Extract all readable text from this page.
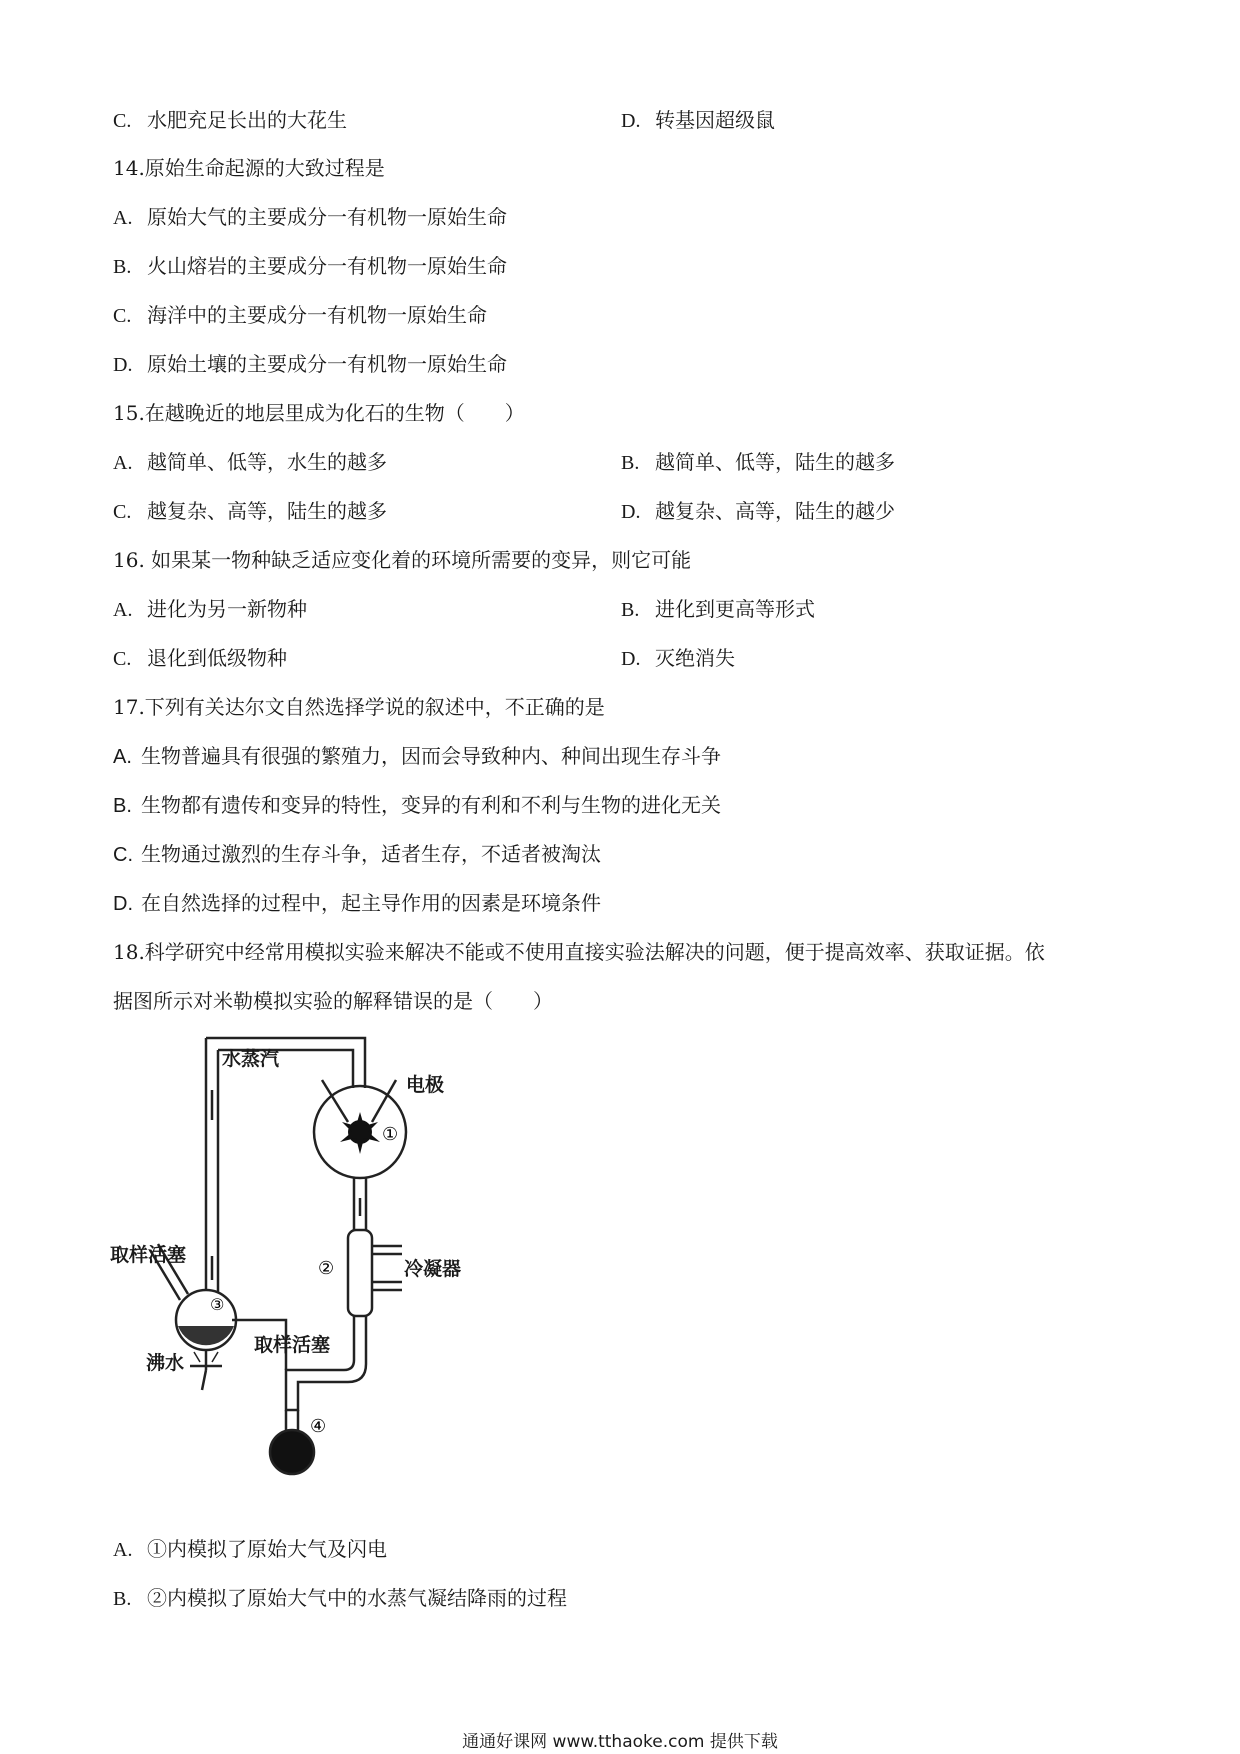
C. 水肥充足长出的大花生	D. 转基因超级鼠
14.原始生命起源的大致过程是
A. 原始大气的主要成分一有机物一原始生命
B. 火山熔岩的主要成分一有机物一原始生命
C. 海洋中的主要成分一有机物一原始生命
D. 原始土壤的主要成分一有机物一原始生命
15.在越晚近的地层里成为化石的生物（　　）
A. 越简单、低等，水生的越多	B. 越简单、低等，陆生的越多
C. 越复杂、高等，陆生的越多	D. 越复杂、高等，陆生的越少
16. 如果某一物种缺乏适应变化着的环境所需要的变异，则它可能
A. 进化为另一新物种	B. 进化到更高等形式
C. 退化到低级物种	D. 灭绝消失
17.下列有关达尔文自然选择学说的叙述中，不正确的是
A. 生物普遍具有很强的繁殖力，因而会导致种内、种间出现生存斗争
B. 生物都有遗传和变异的特性，变异的有利和不利与生物的进化无关
C. 生物通过激烈的生存斗争，适者生存，不适者被淘汰
D. 在自然选择的过程中，起主导作用的因素是环境条件
18.科学研究中经常用模拟实验来解决不能或不使用直接实验法解决的问题，便于提高效率、获取证据。依
据图所示对米勒模拟实验的解释错误的是（　　）
①
②
③
④
取样活塞
水蒸汽
电极
冷凝器
取样活塞
沸水
A. ①内模拟了原始大气及闪电
B. ②内模拟了原始大气中的水蒸气凝结降雨的过程
通通好课网 www.tthaoke.com 提供下载
